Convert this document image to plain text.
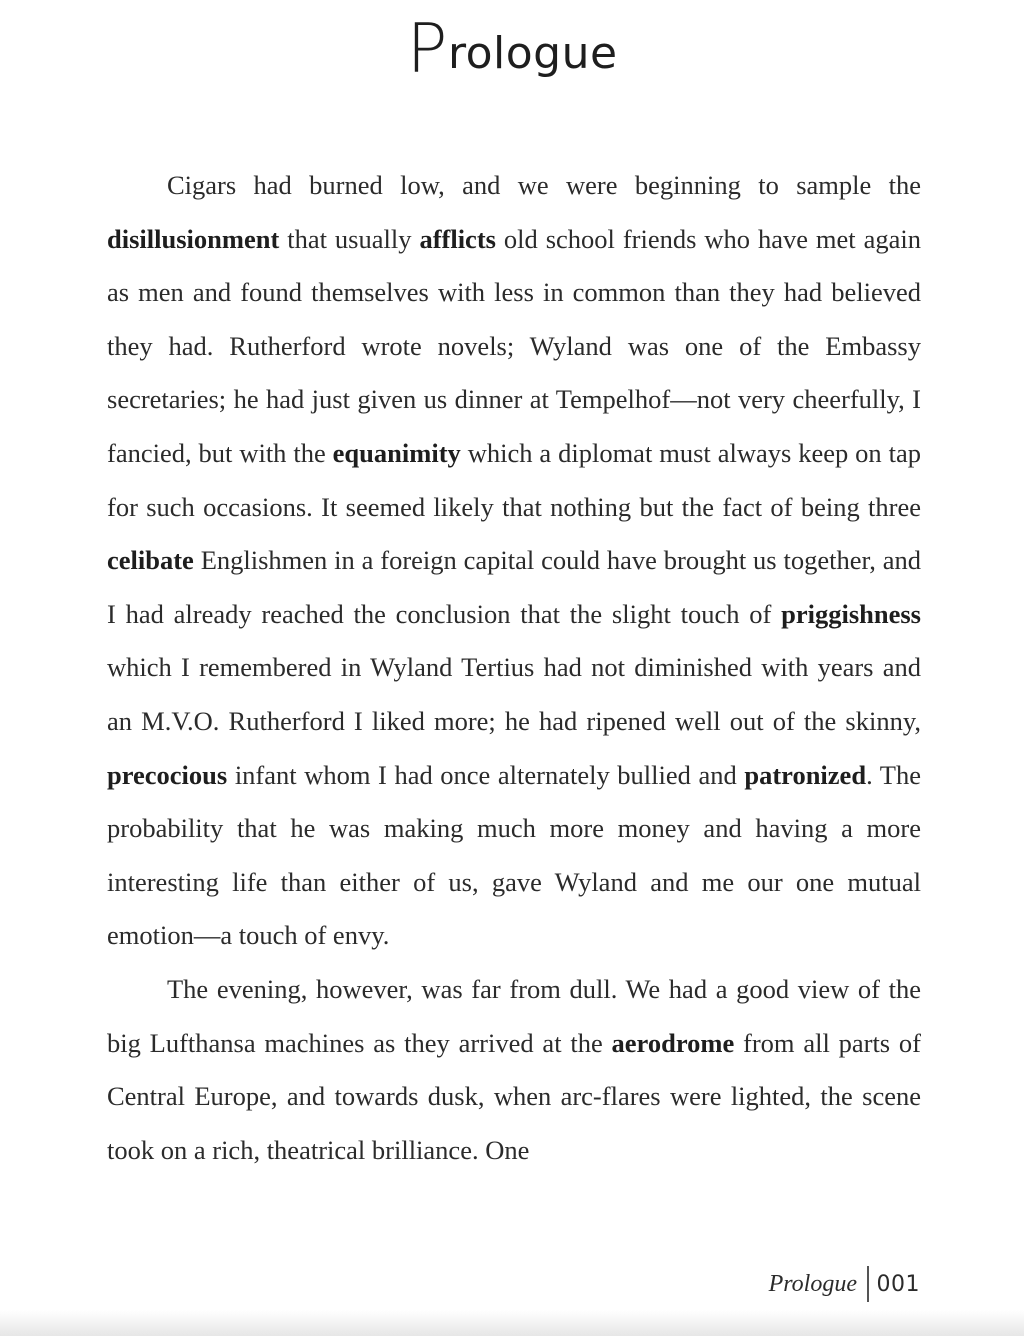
Prologue

Cigars had burned low, and we were beginning to sample the disillusionment that usually afflicts old school friends who have met again as men and found themselves with less in common than they had believed they had. Rutherford wrote novels; Wyland was one of the Embassy secretaries; he had just given us dinner at Tempelhof—not very cheerfully, I fancied, but with the equanimity which a diplomat must always keep on tap for such occasions. It seemed likely that nothing but the fact of being three celibate Englishmen in a foreign capital could have brought us together, and I had already reached the conclusion that the slight touch of priggishness which I remembered in Wyland Tertius had not diminished with years and an M.V.O. Rutherford I liked more; he had ripened well out of the skinny, precocious infant whom I had once alternately bullied and patronized. The probability that he was making much more money and having a more interesting life than either of us, gave Wyland and me our one mutual emotion—a touch of envy.

The evening, however, was far from dull. We had a good view of the big Lufthansa machines as they arrived at the aerodrome from all parts of Central Europe, and towards dusk, when arc-flares were lighted, the scene took on a rich, theatrical brilliance. One

Prologue 001
